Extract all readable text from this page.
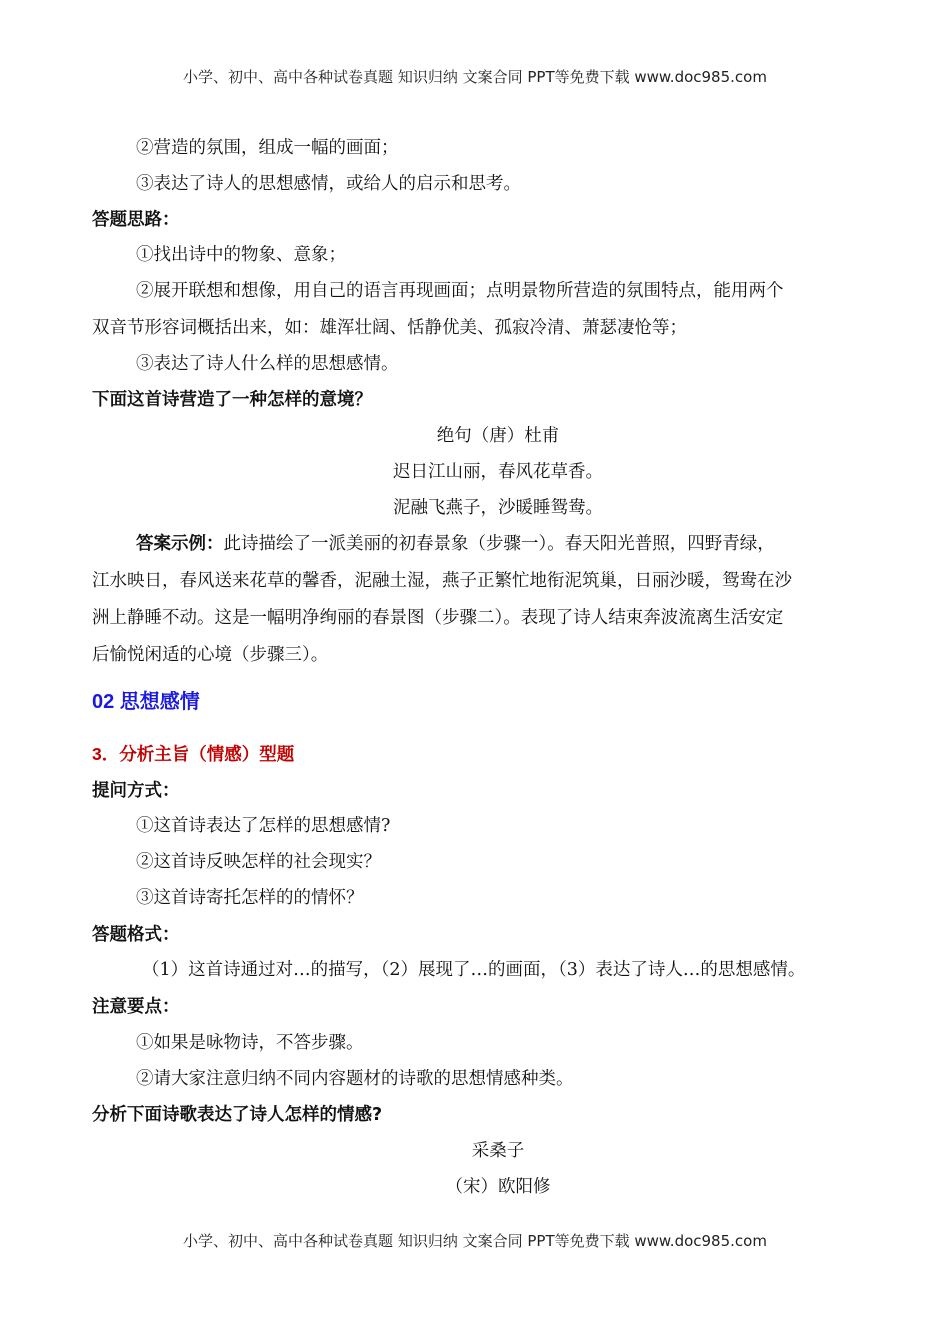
小学、初中、高中各种试卷真题 知识归纳 文案合同 PPT等免费下载 www.doc985.com
②营造的氛围，组成一幅的画面；
③表达了诗人的思想感情，或给人的启示和思考。
答题思路：
①找出诗中的物象、意象；
②展开联想和想像，用自己的语言再现画面；点明景物所营造的氛围特点，能用两个
双音节形容词概括出来，如：雄浑壮阔、恬静优美、孤寂冷清、萧瑟凄怆等；
③表达了诗人什么样的思想感情。
下面这首诗营造了一种怎样的意境？
绝句（唐）杜甫
迟日江山丽，春风花草香。
泥融飞燕子，沙暖睡鸳鸯。
答案示例：此诗描绘了一派美丽的初春景象（步骤一）。春天阳光普照，四野青绿，
江水映日，春风送来花草的馨香，泥融土湿，燕子正繁忙地衔泥筑巢，日丽沙暖，鸳鸯在沙
洲上静睡不动。这是一幅明净绚丽的春景图（步骤二）。表现了诗人结束奔波流离生活安定
后愉悦闲适的心境（步骤三）。
02 思想感情
3．分析主旨（情感）型题
提问方式：
①这首诗表达了怎样的思想感情?
②这首诗反映怎样的社会现实？
③这首诗寄托怎样的的情怀？
答题格式：
（1）这首诗通过对…的描写，（2）展现了…的画面，（3）表达了诗人…的思想感情。
注意要点：
①如果是咏物诗，不答步骤。
②请大家注意归纳不同内容题材的诗歌的思想情感种类。
分析下面诗歌表达了诗人怎样的情感?
采桑子
（宋）欧阳修
小学、初中、高中各种试卷真题 知识归纳 文案合同 PPT等免费下载 www.doc985.com
